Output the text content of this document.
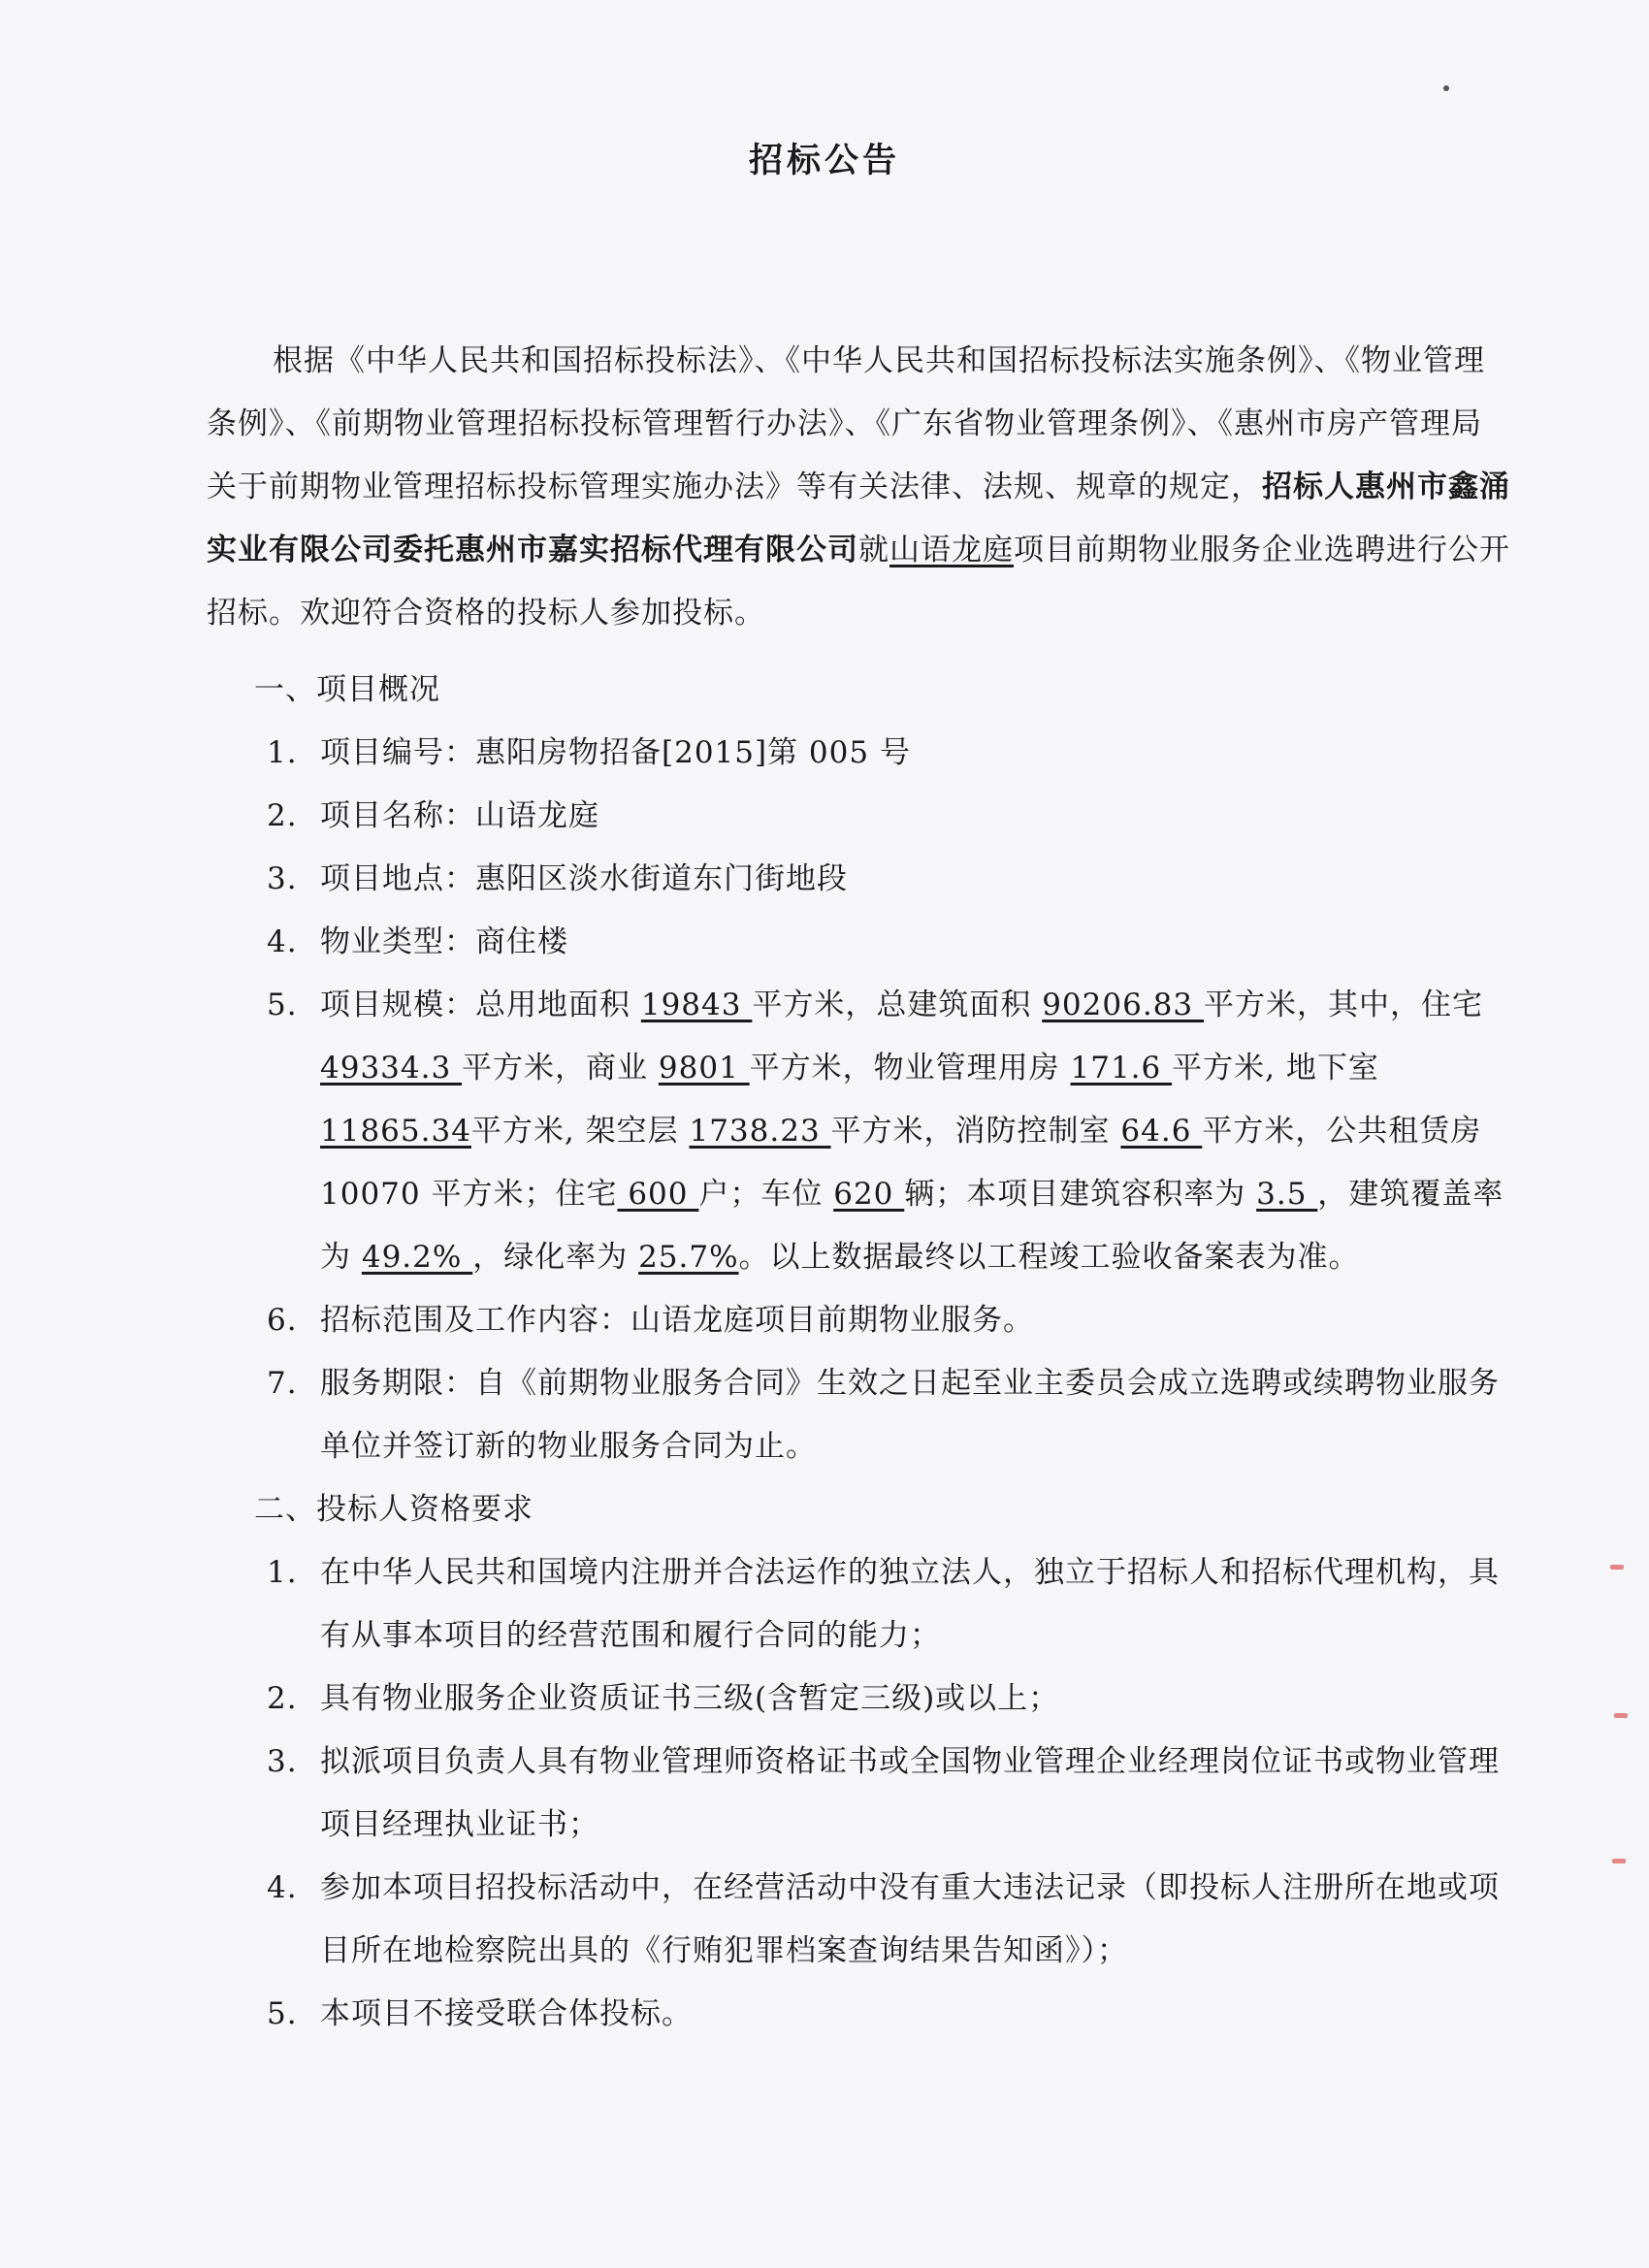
招标公告
根据《中华人民共和国招标投标法》、《中华人民共和国招标投标法实施条例》、《物业管理条例》、《前期物业管理招标投标管理暂行办法》、《广东省物业管理条例》、《惠州市房产管理局关于前期物业管理招标投标管理实施办法》等有关法律、法规、规章的规定，招标人惠州市鑫涌实业有限公司委托惠州市嘉实招标代理有限公司就山语龙庭项目前期物业服务企业选聘进行公开招标。欢迎符合资格的投标人参加投标。
一、项目概况
1. 项目编号：惠阳房物招备[2015]第 005 号
2. 项目名称：山语龙庭
3. 项目地点：惠阳区淡水街道东门街地段
4. 物业类型：商住楼
5. 项目规模：总用地面积 19843 平方米，总建筑面积 90206.83 平方米，其中，住宅49334.3 平方米，商业 9801 平方米，物业管理用房 171.6 平方米, 地下室 11865.34平方米, 架空层 1738.23 平方米，消防控制室 64.6 平方米，公共租赁房 10070 平方米；住宅 600 户；车位 620 辆；本项目建筑容积率为 3.5 ，建筑覆盖率为 49.2% ，绿化率为 25.7%。以上数据最终以工程竣工验收备案表为准。
6. 招标范围及工作内容：山语龙庭项目前期物业服务。
7. 服务期限：自《前期物业服务合同》生效之日起至业主委员会成立选聘或续聘物业服务单位并签订新的物业服务合同为止。
二、投标人资格要求
1. 在中华人民共和国境内注册并合法运作的独立法人，独立于招标人和招标代理机构，具有从事本项目的经营范围和履行合同的能力；
2. 具有物业服务企业资质证书三级(含暂定三级)或以上；
3. 拟派项目负责人具有物业管理师资格证书或全国物业管理企业经理岗位证书或物业管理项目经理执业证书；
4. 参加本项目招投标活动中，在经营活动中没有重大违法记录（即投标人注册所在地或项目所在地检察院出具的《行贿犯罪档案查询结果告知函》）；
5. 本项目不接受联合体投标。
